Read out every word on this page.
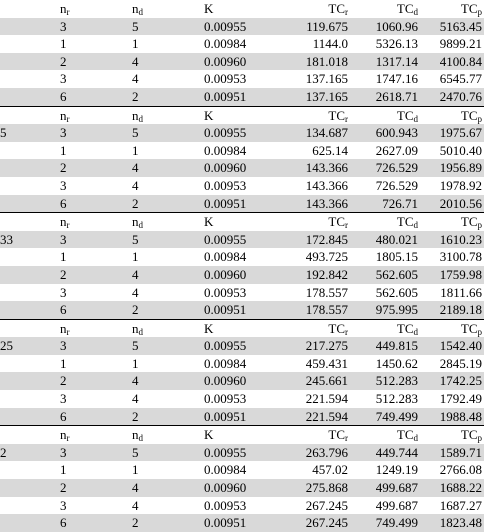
	$n_r$	$n_d$	K	$TC_r$	$TC_d$	$TC_p$
	3	5	0.00955	119.675	1060.96	5163.45
	1	1	0.00984	1144.0	5326.13	9899.21
	2	4	0.00960	181.018	1317.14	4100.84
	3	4	0.00953	137.165	1747.16	6545.77
	6	2	0.00951	137.165	2618.71	2470.76
	$n_r$	$n_d$	K	$TC_r$	$TC_d$	$TC_p$
5	3	5	0.00955	134.687	600.943	1975.67
	1	1	0.00984	625.14	2627.09	5010.40
	2	4	0.00960	143.366	726.529	1956.89
	3	4	0.00953	143.366	726.529	1978.92
	6	2	0.00951	143.366	726.71	2010.56
	$n_r$	$n_d$	K	$TC_r$	$TC_d$	$TC_p$
33	3	5	0.00955	172.845	480.021	1610.23
	1	1	0.00984	493.725	1805.15	3100.78
	2	4	0.00960	192.842	562.605	1759.98
	3	4	0.00953	178.557	562.605	1811.66
	6	2	0.00951	178.557	975.995	2189.18
	$n_r$	$n_d$	K	$TC_r$	$TC_d$	$TC_p$
25	3	5	0.00955	217.275	449.815	1542.40
	1	1	0.00984	459.431	1450.62	2845.19
	2	4	0.00960	245.661	512.283	1742.25
	3	4	0.00953	221.594	512.283	1792.49
	6	2	0.00951	221.594	749.499	1988.48
	$n_r$	$n_d$	K	$TC_r$	$TC_d$	$TC_p$
2	3	5	0.00955	263.796	449.744	1589.71
	1	1	0.00984	457.02	1249.19	2766.08
	2	4	0.00960	275.868	499.687	1688.22
	3	4	0.00953	267.245	499.687	1687.27
	6	2	0.00951	267.245	749.499	1823.48
